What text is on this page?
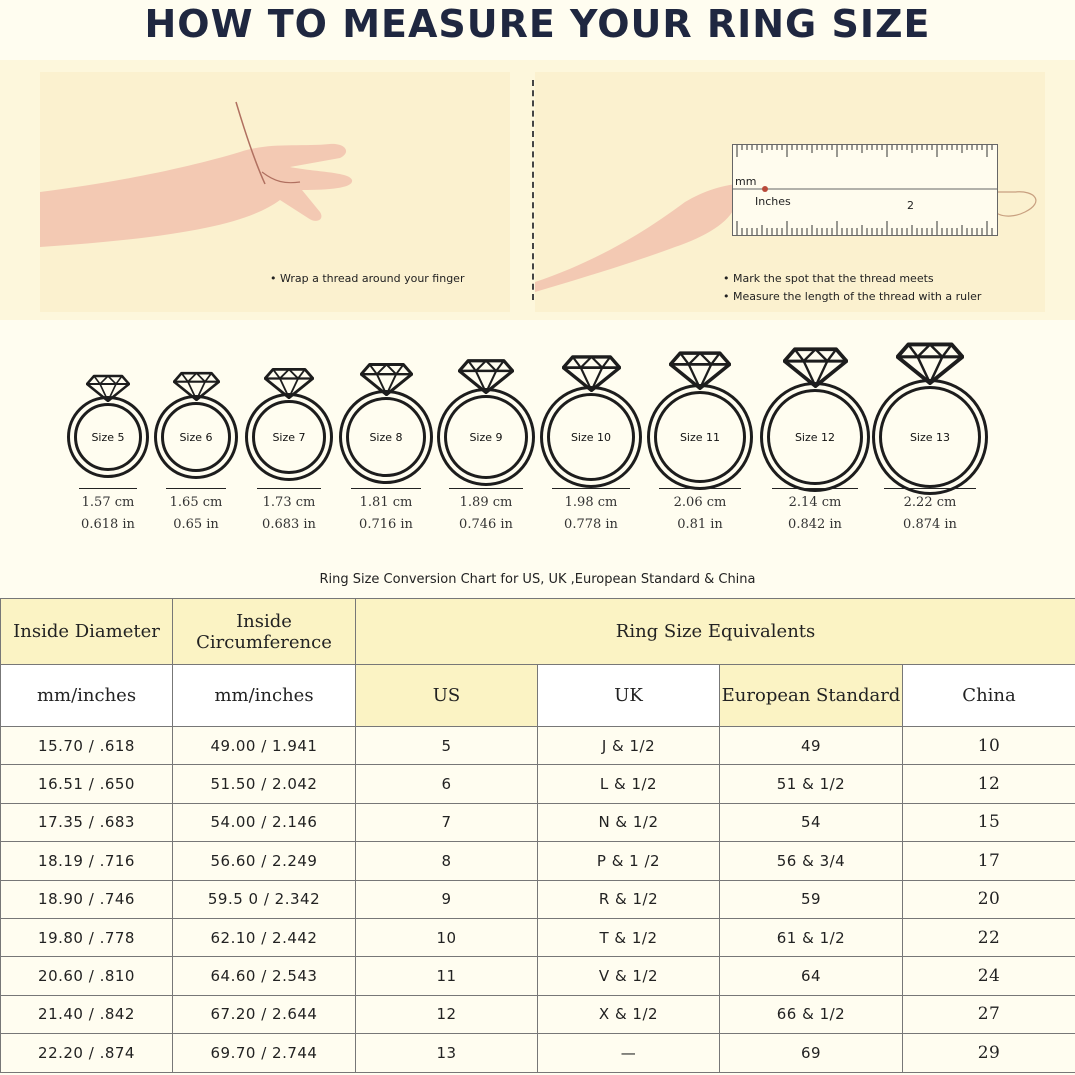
HOW TO MEASURE YOUR RING SIZE
• Wrap a thread around your finger	• Mark the spot that the thread meets
• Measure the length of the thread with a ruler
mm
Inches	2
Size 5
1.57 cm
0.618 in
Size 6
1.65 cm
0.65 in
Size 7
1.73 cm
0.683 in
Size 8
1.81 cm
0.716 in
Size 9
1.89 cm
0.746 in
Size 10
1.98 cm
0.778 in
Size 11
2.06 cm
0.81 in
Size 12
2.14 cm
0.842 in
Size 13
2.22 cm
0.874 in
Ring Size Conversion Chart for US, UK ,European Standard & China
Inside Diameter	Inside Circumference	Ring Size Equivalents			
mm/inches	mm/inches	US	UK	European Standard	China
15.70 / .618	49.00 / 1.941	5	J & 1/2	49	10
16.51 / .650	51.50 / 2.042	6	L & 1/2	51 & 1/2	12
17.35 / .683	54.00 / 2.146	7	N & 1/2	54	15
18.19 / .716	56.60 / 2.249	8	P & 1 /2	56 & 3/4	17
18.90 / .746	59.5 0 / 2.342	9	R & 1/2	59	20
19.80 / .778	62.10 / 2.442	10	T & 1/2	61 & 1/2	22
20.60 / .810	64.60 / 2.543	11	V & 1/2	64	24
21.40 / .842	67.20 / 2.644	12	X & 1/2	66 & 1/2	27
22.20 / .874	69.70 / 2.744	13	—	69	29
